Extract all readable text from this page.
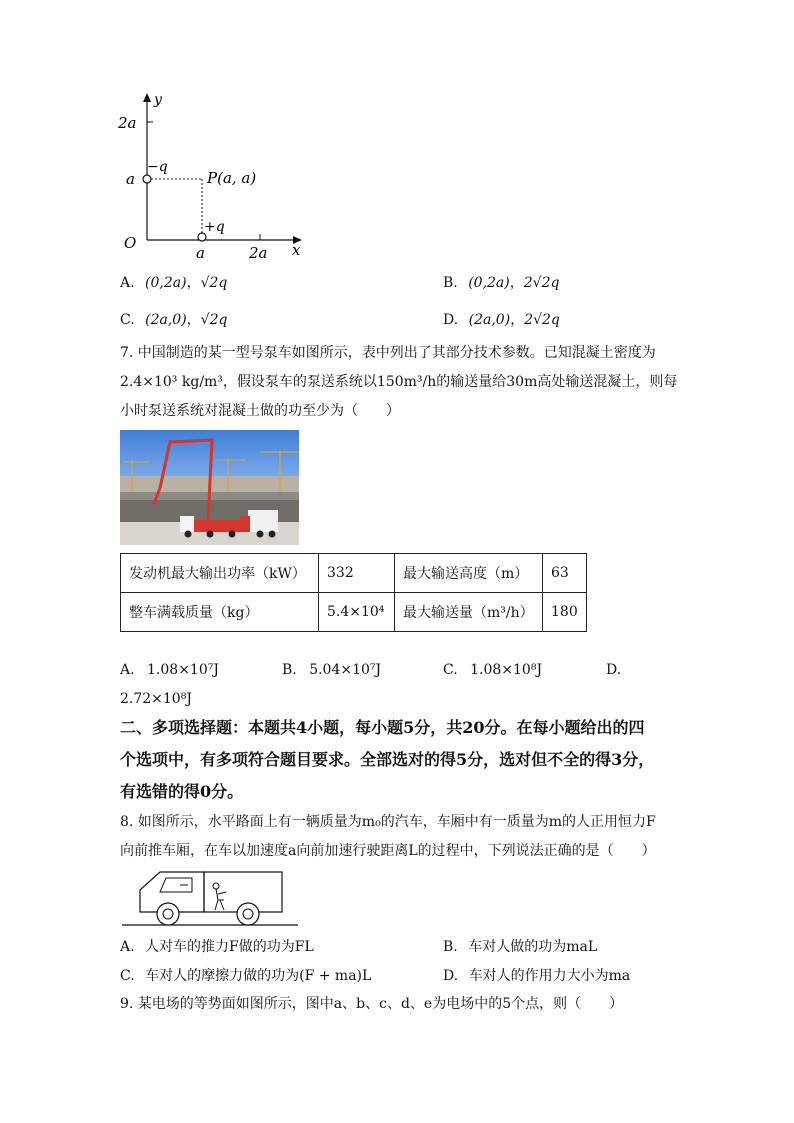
y
2a
a
−q
P(a, a)
+q
O
a	2a x
A. (0,2a)，√2q	B. (0,2a)，2√2q
C. (2a,0)，√2q	D. (2a,0)，2√2q
7. 中国制造的某一型号泵车如图所示，表中列出了其部分技术参数。已知混凝土密度为
2.4×10³ kg/m³，假设泵车的泵送系统以150m³/h的输送量给30m高处输送混凝土，则每
小时泵送系统对混凝土做的功至少为（　　）
发动机最大输出功率（kW）	332	最大输送高度（m）	63
整车满载质量（kg）	5.4×10⁴	最大输送量（m³/h）	180
A. 1.08×10⁷J	B. 5.04×10⁷J	C. 1.08×10⁸J	D.
2.72×10⁸J
二、多项选择题：本题共4小题，每小题5分，共20分。在每小题给出的四
个选项中，有多项符合题目要求。全部选对的得5分，选对但不全的得3分，
有选错的得0分。
8. 如图所示，水平路面上有一辆质量为m₀的汽车，车厢中有一质量为m的人正用恒力F
向前推车厢，在车以加速度a向前加速行驶距离L的过程中，下列说法正确的是（　　）
A. 人对车的推力F做的功为FL	B. 车对人做的功为maL
C. 车对人的摩擦力做的功为(F + ma)L	D. 车对人的作用力大小为ma
9. 某电场的等势面如图所示，图中a、b、c、d、e为电场中的5个点，则（　　）
